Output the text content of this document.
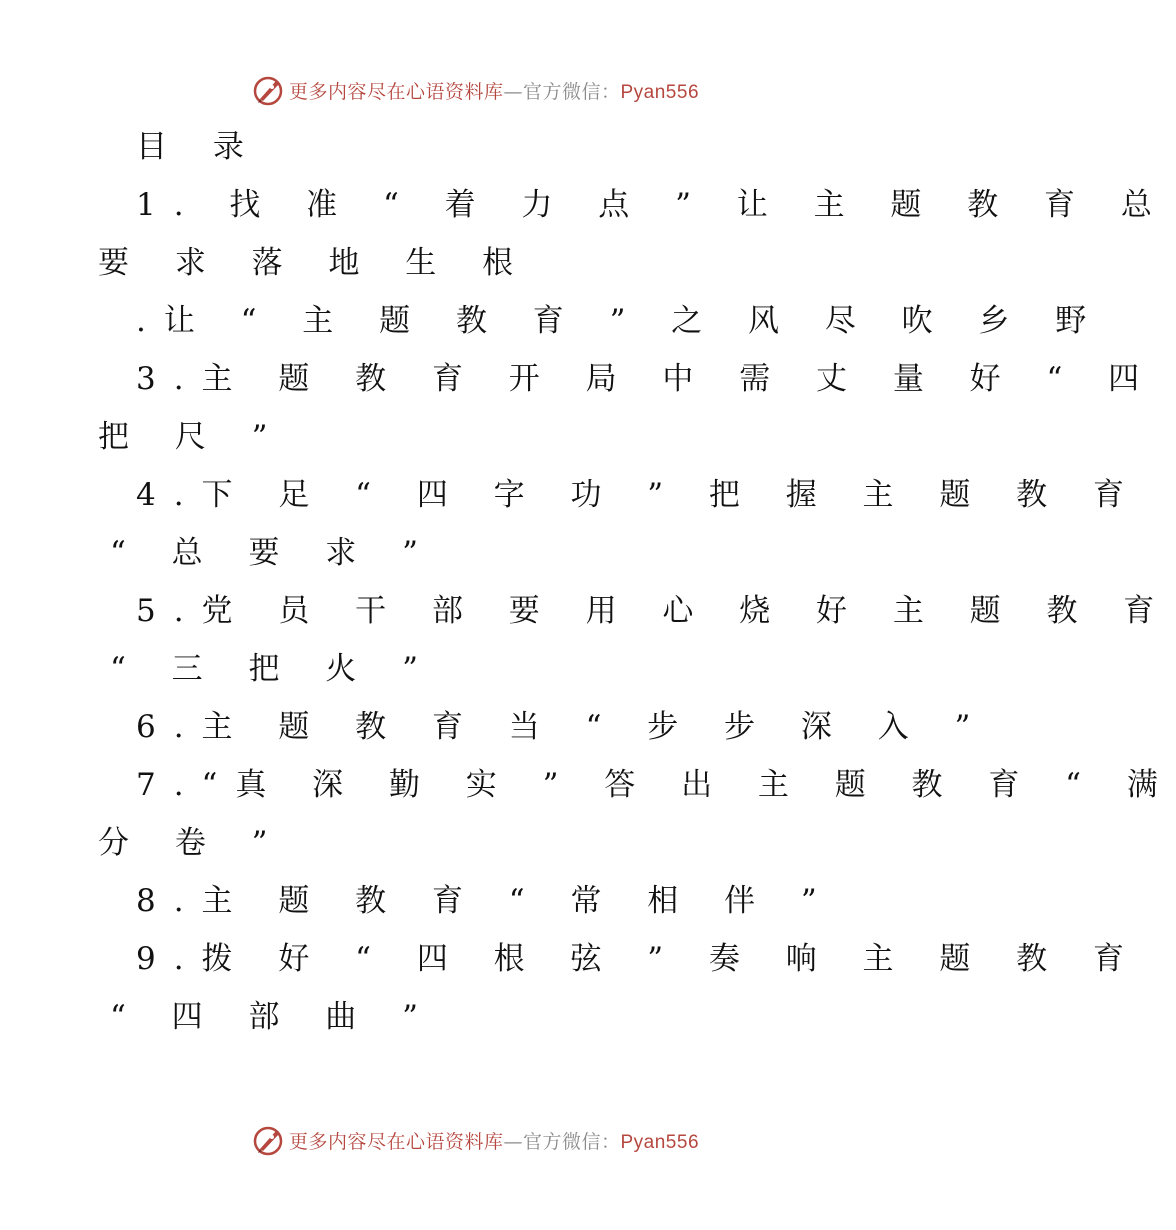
更多内容尽在心语资料库—官方微信：Pyan556
目 录
1. 找 准 “ 着 力 点 ” 让 主 题 教 育 总
要 求 落 地 生 根
.让 “ 主 题 教 育 ” 之 风 尽 吹 乡 野
3.主 题 教 育 开 局 中 需 丈 量 好 “ 四
把 尺 ”
4.下 足 “ 四 字 功 ” 把 握 主 题 教 育
“ 总 要 求 ”
5.党 员 干 部 要 用 心 烧 好 主 题 教 育
“ 三 把 火 ”
6.主 题 教 育 当 “ 步 步 深 入 ”
7.“真 深 勤 实 ” 答 出 主 题 教 育 “ 满
分 卷 ”
8.主 题 教 育 “ 常 相 伴 ”
9.拨 好 “ 四 根 弦 ” 奏 响 主 题 教 育
“ 四 部 曲 ”
更多内容尽在心语资料库—官方微信：Pyan556
